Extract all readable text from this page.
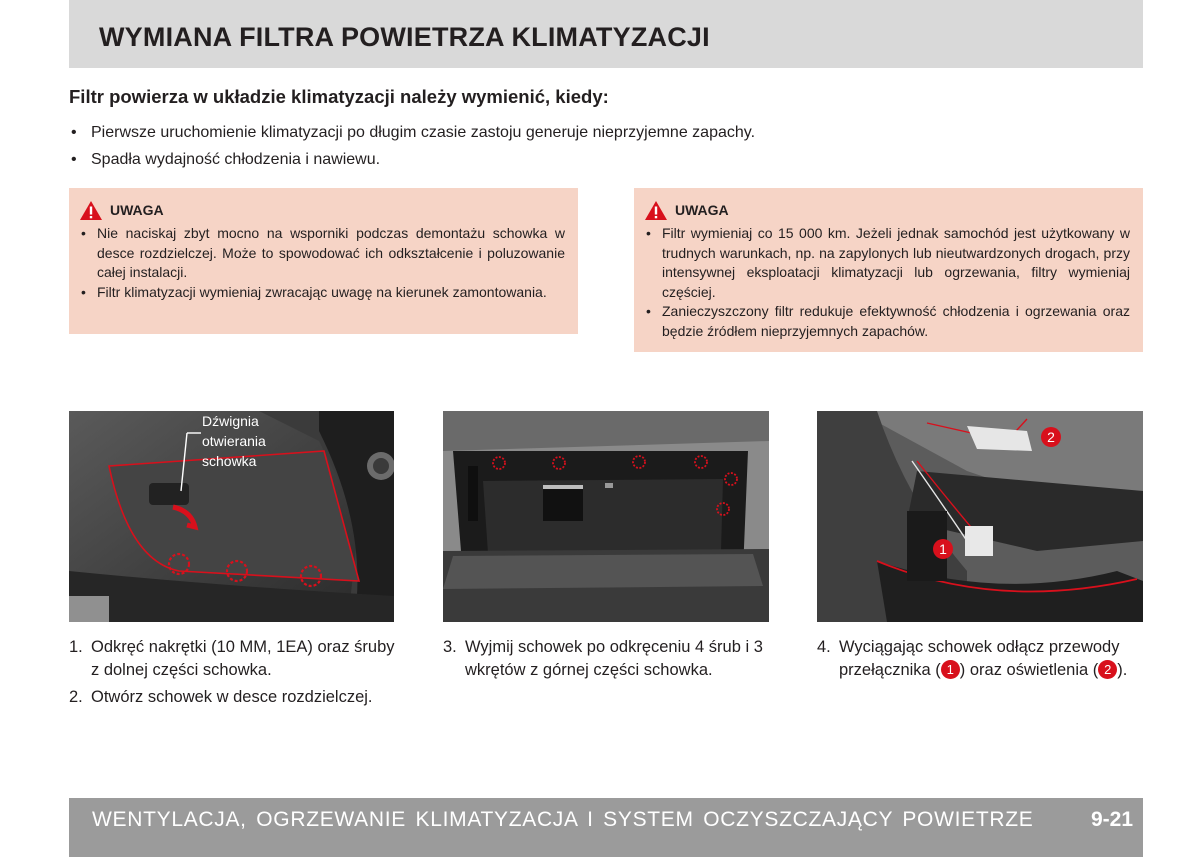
WYMIANA FILTRA POWIETRZA KLIMATYZACJI
Filtr powierza w układzie klimatyzacji należy wymienić, kiedy:
• Pierwsze uruchomienie klimatyzacji po długim czasie zastoju generuje nieprzyjemne zapachy.
• Spadła wydajność chłodzenia i nawiewu.
UWAGA
• Nie naciskaj zbyt mocno na wsporniki podczas demontażu schowka w desce rozdzielczej. Może to spowodować ich odkształcenie i poluzowanie całej instalacji.
• Filtr klimatyzacji wymieniaj zwracając uwagę na kierunek zamontowania.
UWAGA
• Filtr wymieniaj co 15 000 km. Jeżeli jednak samochód jest użytkowany w trudnych warunkach, np. na zapylonych lub nieutwardzonych drogach, przy intensywnej eksploatacji klimatyzacji lub ogrzewania, filtry wymieniaj częściej.
• Zanieczyszczony filtr redukuje efektywność chłodzenia i ogrzewania oraz będzie źródłem nieprzyjemnych zapachów.
Dźwignia
otwierania
schowka
2
1
1. Odkręć nakrętki (10 MM, 1EA) oraz śruby z dolnej części schowka.
2. Otwórz schowek w desce rozdzielczej.
3. Wyjmij schowek po odkręceniu 4 śrub i 3 wkrętów z górnej części schowka.
4. Wyciągając schowek odłącz przewody przełącznika ( 1 ) oraz oświetlenia ( 2 ).
WENTYLACJA, OGRZEWANIE KLIMATYZACJA I SYSTEM OCZYSZCZAJĄCY POWIETRZE	9-21
